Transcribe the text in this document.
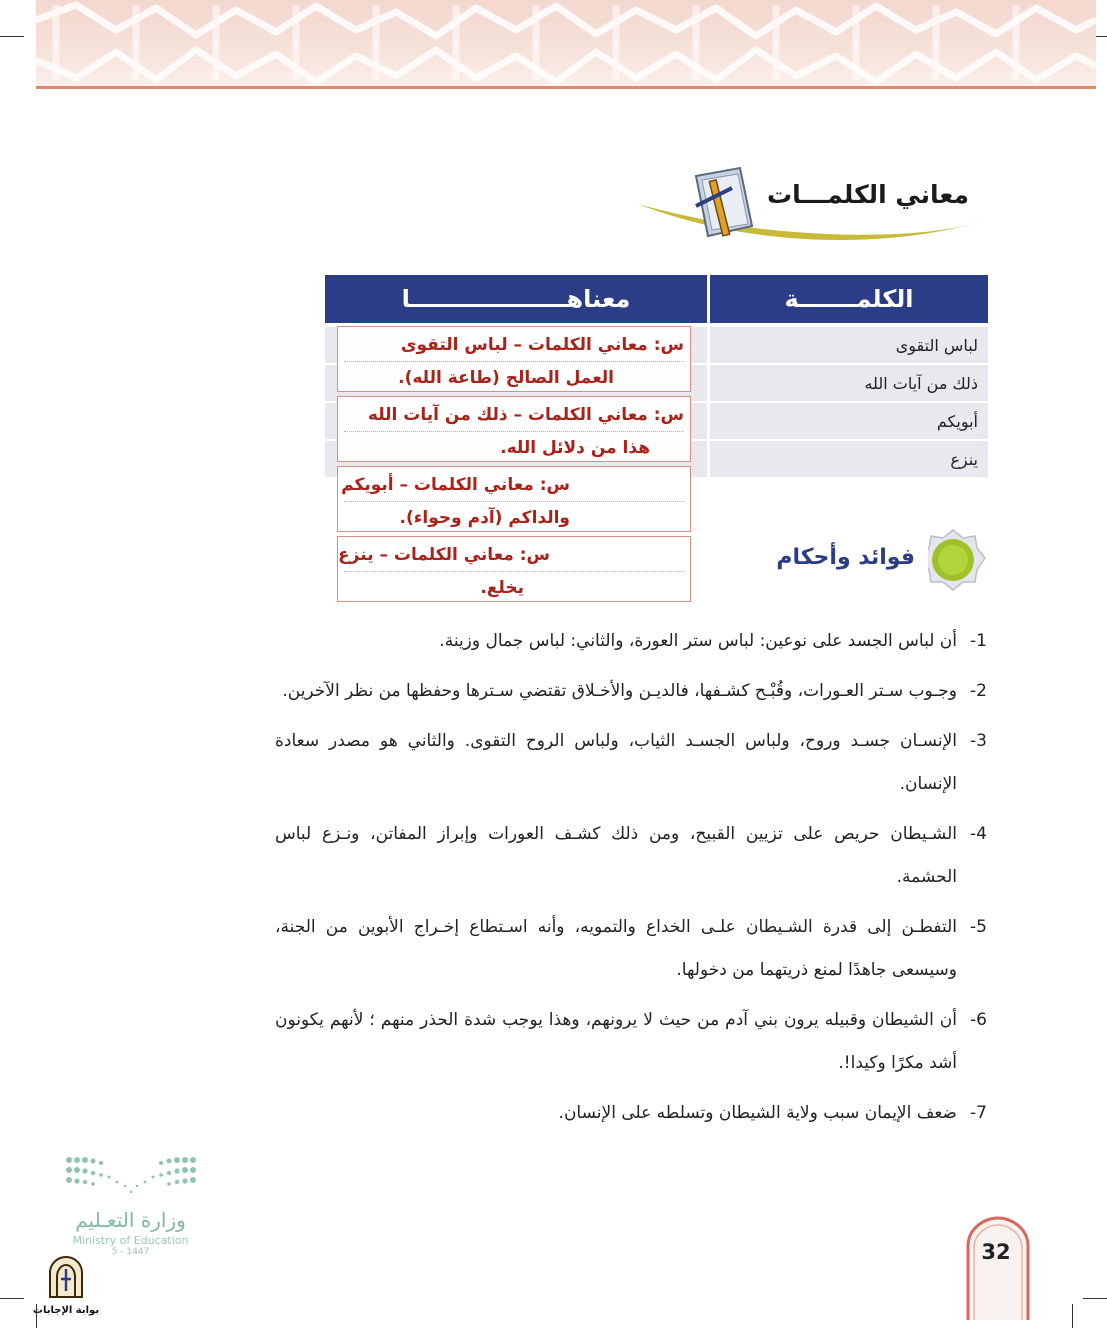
معاني الكلمـــات
الكلمـــــــة
معناهـــــــــــــــــــا
لباس التقوى
ذلك من آيات الله
أبويكم
ينزع
س: معاني الكلمات – لباس التقوى
العمل الصالح (طاعة الله).
س: معاني الكلمات – ذلك من آيات الله
هذا من دلائل الله.
س: معاني الكلمات – أبويكم
والداكم (آدم وحواء).
س: معاني الكلمات – ينزع
يخلع.
فوائد وأحكام
1-
أن لباس الجسد على نوعين: لباس ستر العورة، والثاني: لباس جمال وزينة.
2-
وجـوب سـتر العـورات، وقُبْـح كشـفها، فالديـن والأخـلاق تقتضي سـترها وحفظها من نظر الآخرين.
3-
الإنسـان جسـد وروح، ولباس الجسـد الثياب، ولباس الروح التقوى. والثاني هو مصدر سعادة الإنسان.
4-
الشـيطان حريص على تزيين القبيح، ومن ذلك كشـف العورات وإبراز المفاتن، ونـزع لباس الحشمة.
5-
التفطـن إلى قدرة الشـيطان علـى الخداع والتمويه، وأنه اسـتطاع إخـراج الأبوين من الجنة، وسيسعى جاهدًا لمنع ذريتهما من دخولها.
6-
أن الشيطان وقبيله يرون بني آدم من حيث لا يرونهم، وهذا يوجب شدة الحذر منهم ؛ لأنهم يكونون أشد مكرًا وكيدا!.
7-
ضعف الإيمان سبب ولاية الشيطان وتسلطه على الإنسان.
وزارة التعـليم
Ministry of Education
5 - 1447
بوابة الإجابات
32
